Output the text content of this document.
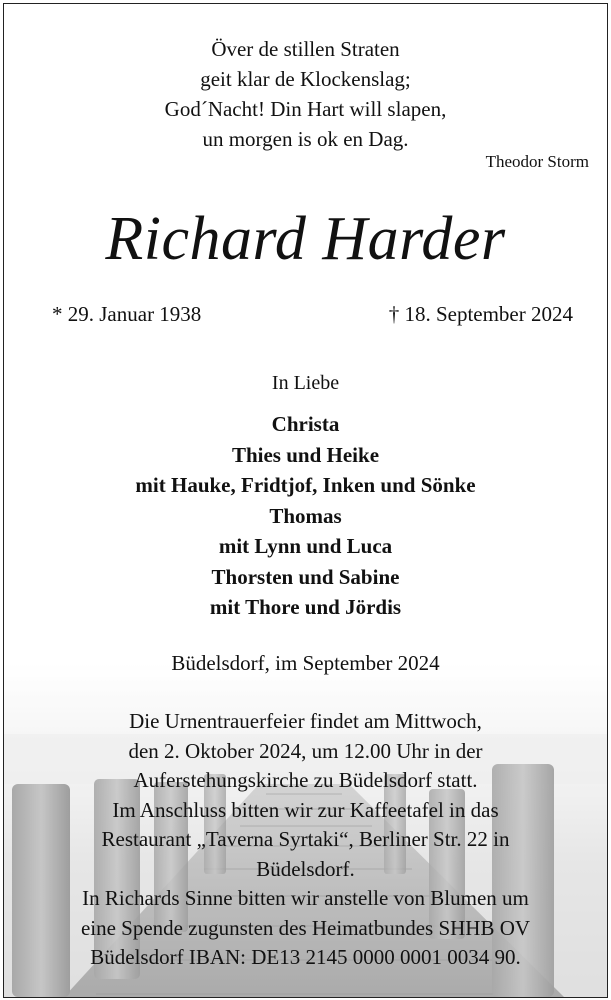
Över de stillen Straten
geit klar de Klockenslag;
God´Nacht! Din Hart will slapen,
un morgen is ok en Dag.
Theodor Storm
Richard Harder
* 29. Januar 1938	† 18. September 2024
In Liebe
Christa
Thies und Heike
mit Hauke, Fridtjof, Inken und Sönke
Thomas
mit Lynn und Luca
Thorsten und Sabine
mit Thore und Jördis
Büdelsdorf, im September 2024
Die Urnentrauerfeier findet am Mittwoch,
den 2. Oktober 2024, um 12.00 Uhr in der
Auferstehungskirche zu Büdelsdorf statt.
Im Anschluss bitten wir zur Kaffeetafel in das
Restaurant „Taverna Syrtaki“, Berliner Str. 22 in
Büdelsdorf.
In Richards Sinne bitten wir anstelle von Blumen um
eine Spende zugunsten des Heimatbundes SHHB OV
Büdelsdorf IBAN: DE13 2145 0000 0001 0034 90.
